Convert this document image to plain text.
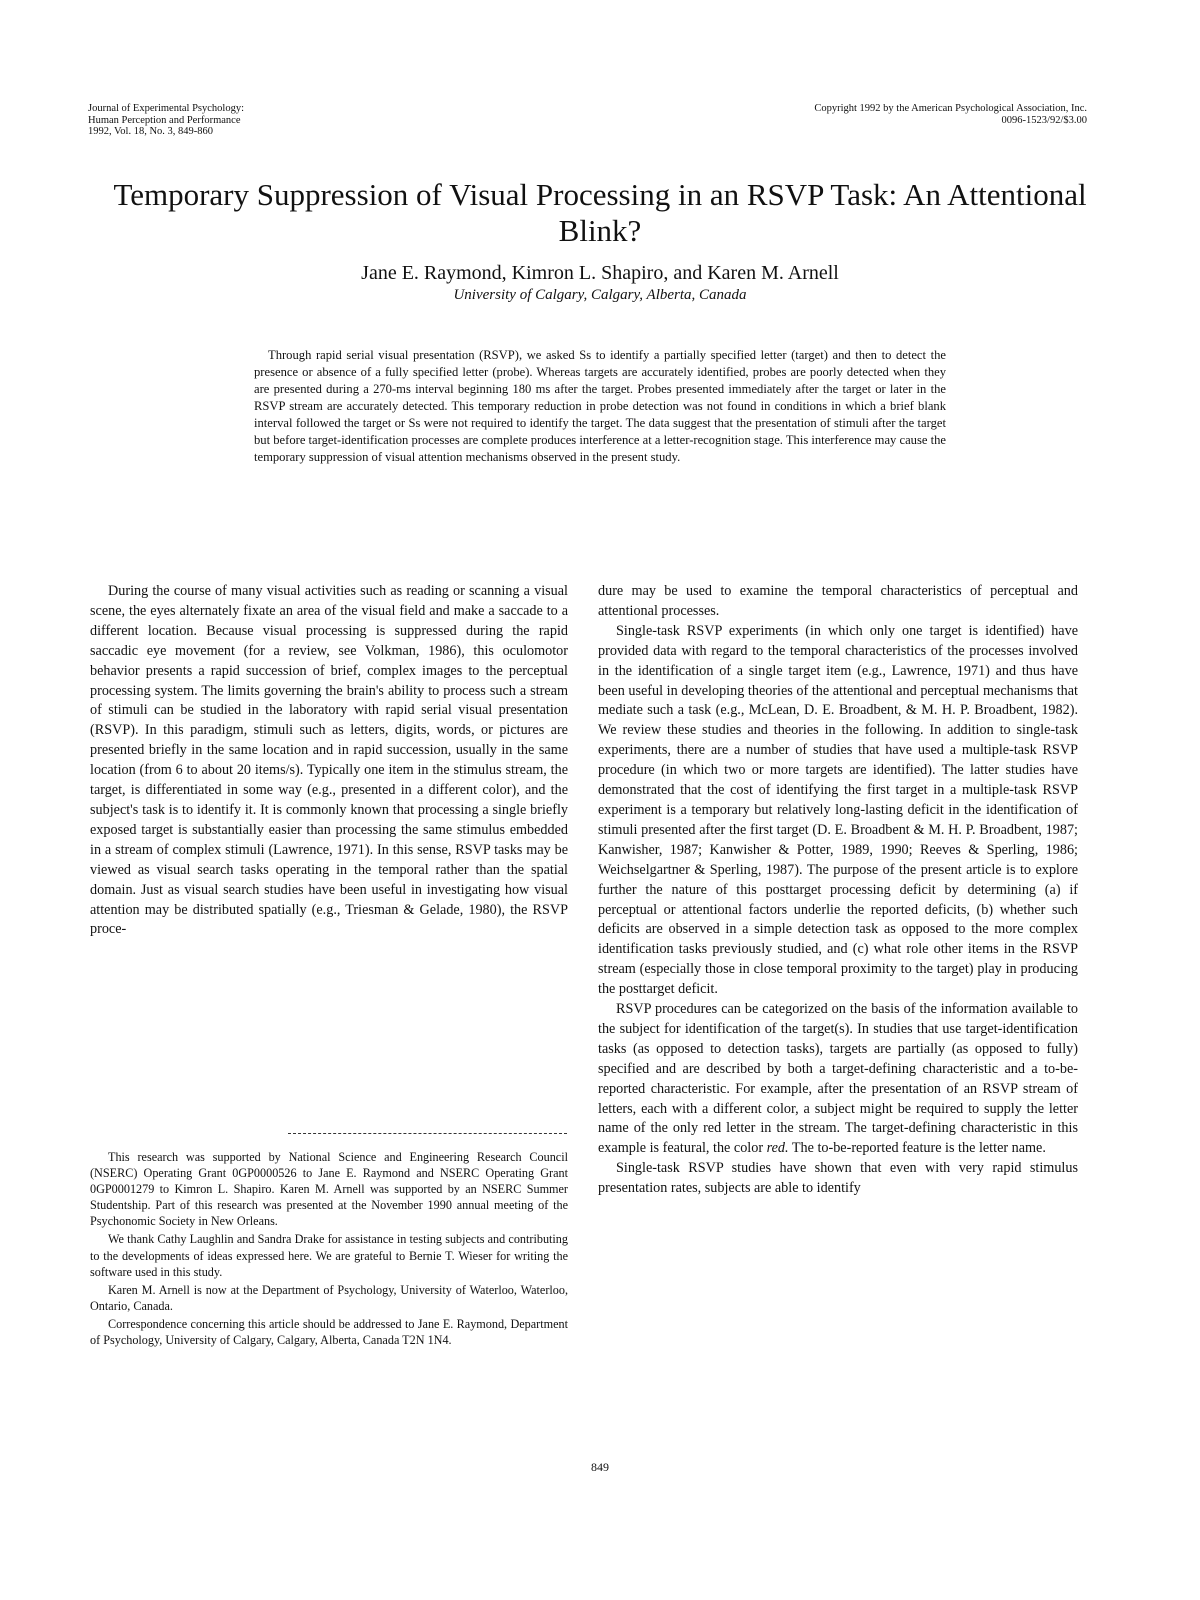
Journal of Experimental Psychology:
Human Perception and Performance
1992, Vol. 18, No. 3, 849-860
Copyright 1992 by the American Psychological Association, Inc.
0096-1523/92/$3.00
Temporary Suppression of Visual Processing in an RSVP Task: An Attentional Blink?
Jane E. Raymond, Kimron L. Shapiro, and Karen M. Arnell
University of Calgary, Calgary, Alberta, Canada

Through rapid serial visual presentation (RSVP), we asked Ss to identify a partially specified letter (target) and then to detect the presence or absence of a fully specified letter (probe). Whereas targets are accurately identified, probes are poorly detected when they are presented during a 270-ms interval beginning 180 ms after the target. Probes presented immediately after the target or later in the RSVP stream are accurately detected. This temporary reduction in probe detection was not found in conditions in which a brief blank interval followed the target or Ss were not required to identify the target. The data suggest that the presentation of stimuli after the target but before target-identification processes are complete produces interference at a letter-recognition stage. This interference may cause the temporary suppression of visual attention mechanisms observed in the present study.

During the course of many visual activities such as reading or scanning a visual scene, the eyes alternately fixate an area of the visual field and make a saccade to a different location. Because visual processing is suppressed during the rapid saccadic eye movement (for a review, see Volkman, 1986), this oculomotor behavior presents a rapid succession of brief, complex images to the perceptual processing system. The limits governing the brain's ability to process such a stream of stimuli can be studied in the laboratory with rapid serial visual presentation (RSVP). In this paradigm, stimuli such as letters, digits, words, or pictures are presented briefly in the same location and in rapid succession, usually in the same location (from 6 to about 20 items/s). Typically one item in the stimulus stream, the target, is differentiated in some way (e.g., presented in a different color), and the subject's task is to identify it. It is commonly known that processing a single briefly exposed target is substantially easier than processing the same stimulus embedded in a stream of complex stimuli (Lawrence, 1971). In this sense, RSVP tasks may be viewed as visual search tasks operating in the temporal rather than the spatial domain. Just as visual search studies have been useful in investigating how visual attention may be distributed spatially (e.g., Triesman & Gelade, 1980), the RSVP proce-

This research was supported by National Science and Engineering Research Council (NSERC) Operating Grant 0GP0000526 to Jane E. Raymond and NSERC Operating Grant 0GP0001279 to Kimron L. Shapiro. Karen M. Arnell was supported by an NSERC Summer Studentship. Part of this research was presented at the November 1990 annual meeting of the Psychonomic Society in New Orleans.

We thank Cathy Laughlin and Sandra Drake for assistance in testing subjects and contributing to the developments of ideas expressed here. We are grateful to Bernie T. Wieser for writing the software used in this study.

Karen M. Arnell is now at the Department of Psychology, University of Waterloo, Waterloo, Ontario, Canada.

Correspondence concerning this article should be addressed to Jane E. Raymond, Department of Psychology, University of Calgary, Calgary, Alberta, Canada T2N 1N4.

dure may be used to examine the temporal characteristics of perceptual and attentional processes.

Single-task RSVP experiments (in which only one target is identified) have provided data with regard to the temporal characteristics of the processes involved in the identification of a single target item (e.g., Lawrence, 1971) and thus have been useful in developing theories of the attentional and perceptual mechanisms that mediate such a task (e.g., McLean, D. E. Broadbent, & M. H. P. Broadbent, 1982). We review these studies and theories in the following. In addition to single-task experiments, there are a number of studies that have used a multiple-task RSVP procedure (in which two or more targets are identified). The latter studies have demonstrated that the cost of identifying the first target in a multiple-task RSVP experiment is a temporary but relatively long-lasting deficit in the identification of stimuli presented after the first target (D. E. Broadbent & M. H. P. Broadbent, 1987; Kanwisher, 1987; Kanwisher & Potter, 1989, 1990; Reeves & Sperling, 1986; Weichselgartner & Sperling, 1987). The purpose of the present article is to explore further the nature of this posttarget processing deficit by determining (a) if perceptual or attentional factors underlie the reported deficits, (b) whether such deficits are observed in a simple detection task as opposed to the more complex identification tasks previously studied, and (c) what role other items in the RSVP stream (especially those in close temporal proximity to the target) play in producing the posttarget deficit.

RSVP procedures can be categorized on the basis of the information available to the subject for identification of the target(s). In studies that use target-identification tasks (as opposed to detection tasks), targets are partially (as opposed to fully) specified and are described by both a target-defining characteristic and a to-be-reported characteristic. For example, after the presentation of an RSVP stream of letters, each with a different color, a subject might be required to supply the letter name of the only red letter in the stream. The target-defining characteristic in this example is featural, the color red. The to-be-reported feature is the letter name.

Single-task RSVP studies have shown that even with very rapid stimulus presentation rates, subjects are able to identify

849
